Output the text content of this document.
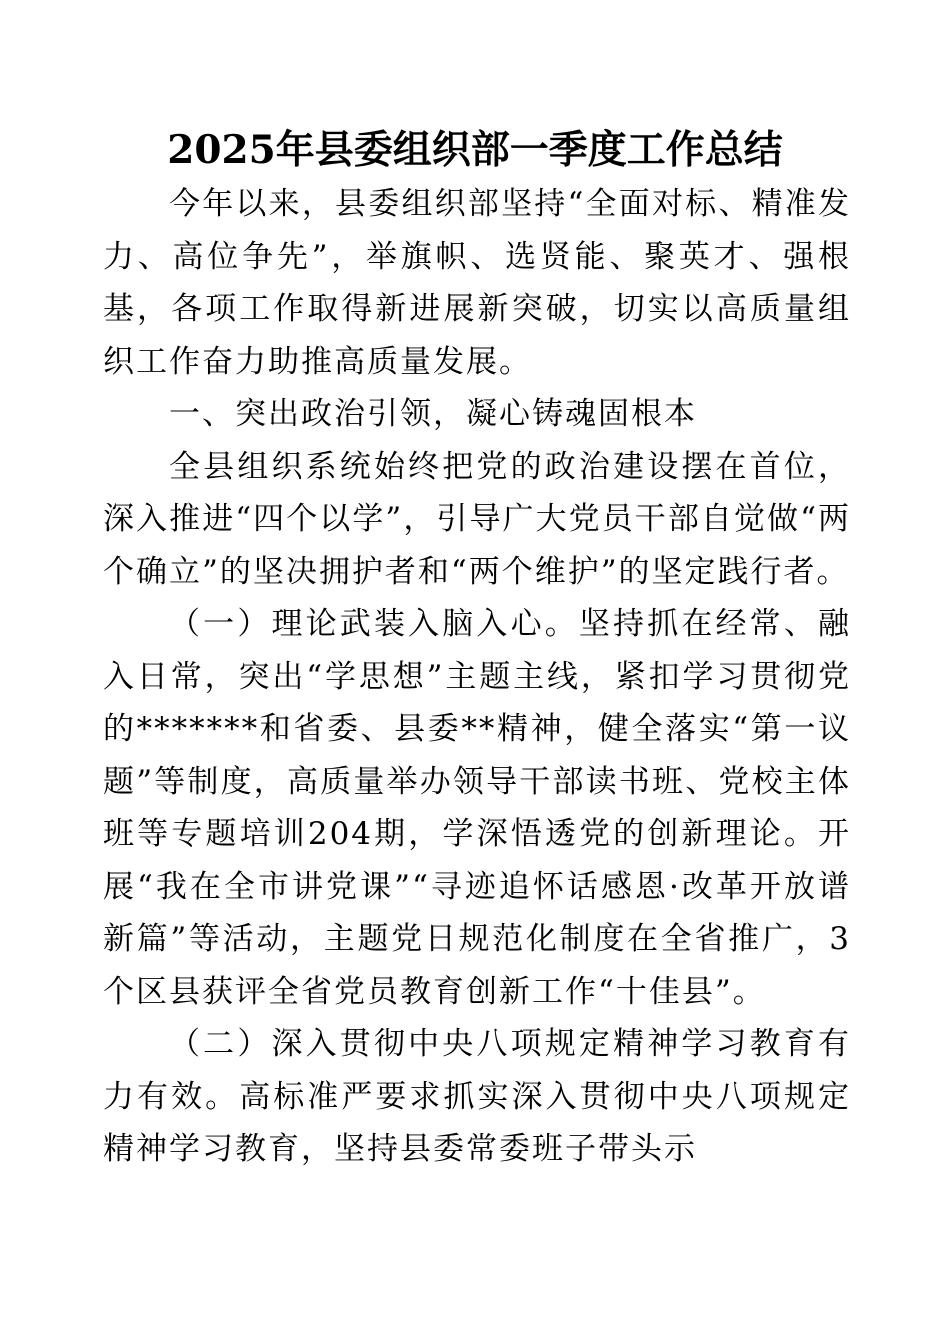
2025年县委组织部一季度工作总结

今年以来，县委组织部坚持“全面对标、精准发力、高位争先”，举旗帜、选贤能、聚英才、强根基，各项工作取得新进展新突破，切实以高质量组织工作奋力助推高质量发展。

一、突出政治引领，凝心铸魂固根本

全县组织系统始终把党的政治建设摆在首位，深入推进“四个以学”，引导广大党员干部自觉做“两个确立”的坚决拥护者和“两个维护”的坚定践行者。

（一）理论武装入脑入心。坚持抓在经常、融入日常，突出“学思想”主题主线，紧扣学习贯彻党的*******和省委、县委**精神，健全落实“第一议题”等制度，高质量举办领导干部读书班、党校主体班等专题培训204期，学深悟透党的创新理论。开展“我在全市讲党课”“寻迹追怀话感恩·改革开放谱新篇”等活动，主题党日规范化制度在全省推广，3个区县获评全省党员教育创新工作“十佳县”。

（二）深入贯彻中央八项规定精神学习教育有力有效。高标准严要求抓实深入贯彻中央八项规定精神学习教育，坚持县委常委班子带头示
